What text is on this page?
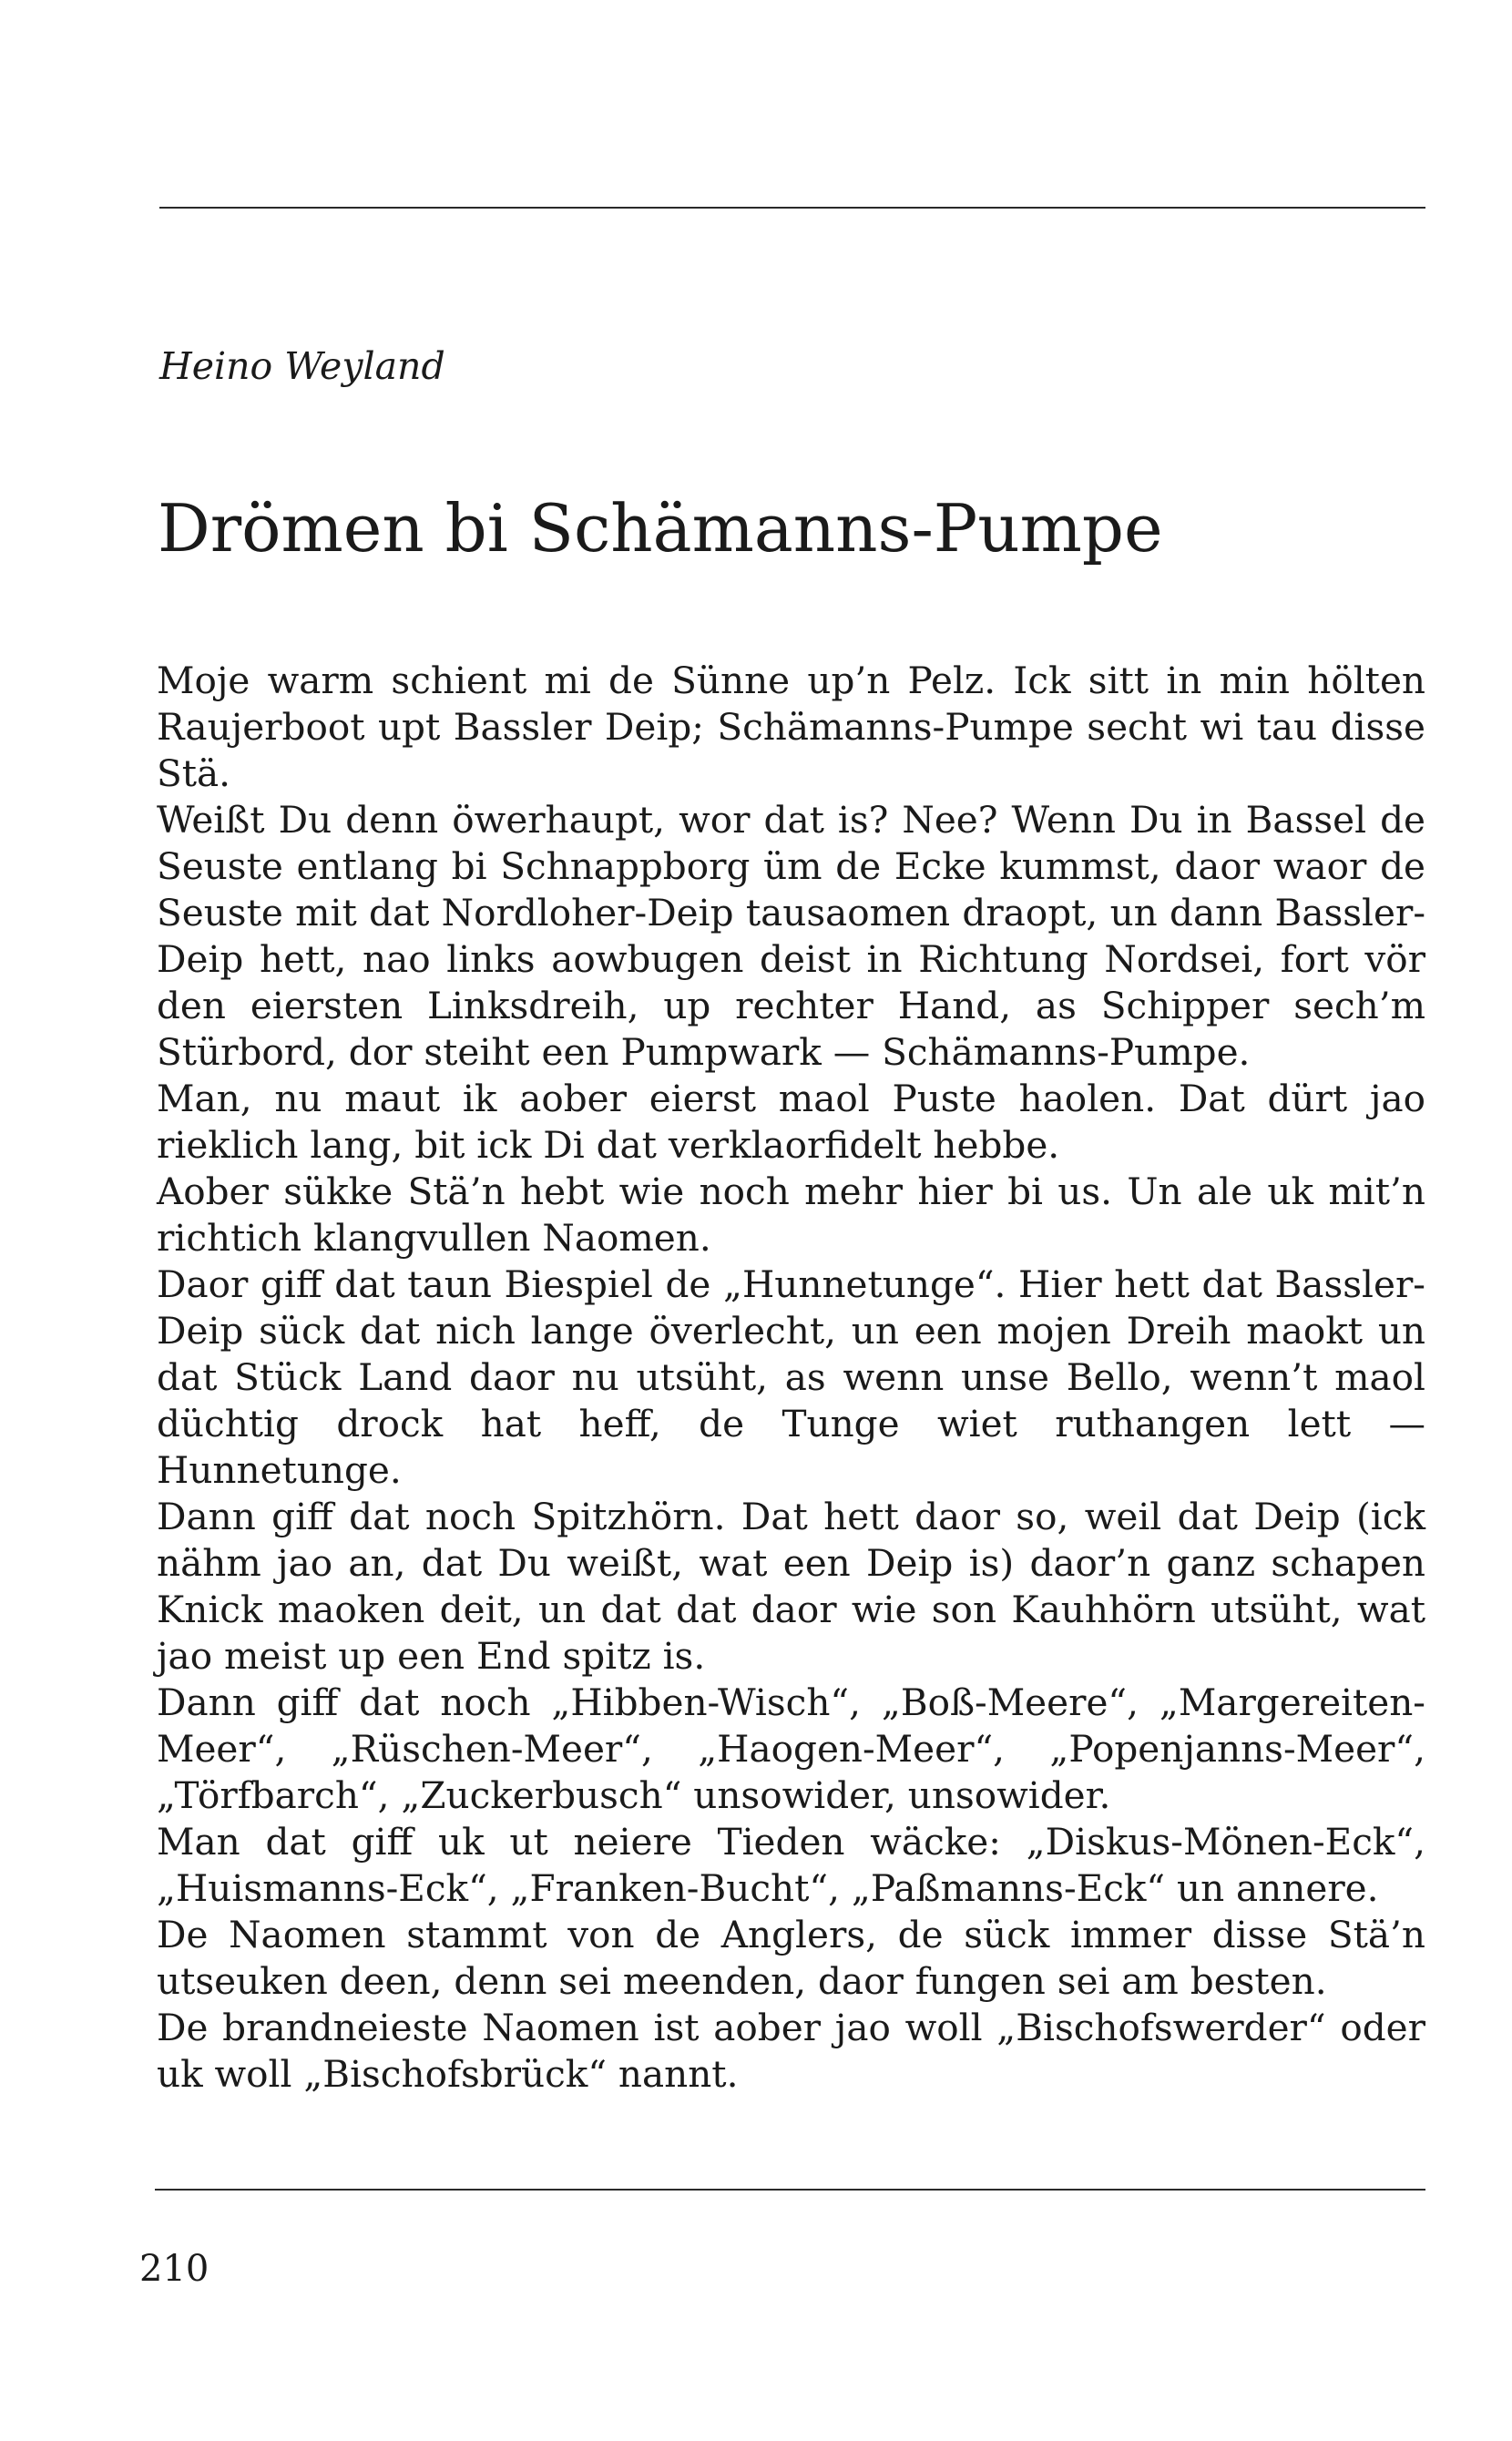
Heino Weyland
Drömen bi Schämanns-Pumpe

Moje warm schient mi de Sünne up’n Pelz. Ick sitt in min hölten Raujerboot upt Bassler Deip; Schämanns-Pumpe secht wi tau disse Stä.

Weißt Du denn öwerhaupt, wor dat is? Nee? Wenn Du in Bassel de Seuste entlang bi Schnappborg üm de Ecke kummst, daor waor de Seuste mit dat Nordloher-Deip tausaomen draopt, un dann Bassler-Deip hett, nao links aowbugen deist in Richtung Nordsei, fort vör den eiersten Linksdreih, up rechter Hand, as Schipper sech’m Stürbord, dor steiht een Pumpwark — Schämanns-Pumpe.

Man, nu maut ik aober eierst maol Puste haolen. Dat dürt jao rieklich lang, bit ick Di dat verklaorfidelt hebbe.

Aober sükke Stä’n hebt wie noch mehr hier bi us. Un ale uk mit’n richtich klangvullen Naomen.

Daor giff dat taun Biespiel de „Hunnetunge“. Hier hett dat Bassler-Deip sück dat nich lange överlecht, un een mojen Dreih maokt un dat Stück Land daor nu utsüht, as wenn unse Bello, wenn’t maol düchtig drock hat heff, de Tunge wiet ruthangen lett — Hunnetunge.

Dann giff dat noch Spitzhörn. Dat hett daor so, weil dat Deip (ick nähm jao an, dat Du weißt, wat een Deip is) daor’n ganz schapen Knick maoken deit, un dat dat daor wie son Kauhhörn utsüht, wat jao meist up een End spitz is.

Dann giff dat noch „Hibben-Wisch“, „Boß-Meere“, „Margereiten-Meer“, „Rüschen-Meer“, „Haogen-Meer“, „Popenjanns-Meer“, „Törfbarch“, „Zuckerbusch“ unsowider, unsowider.

Man dat giff uk ut neiere Tieden wäcke: „Diskus-Mönen-Eck“, „Huismanns-Eck“, „Franken-Bucht“, „Paßmanns-Eck“ un annere.

De Naomen stammt von de Anglers, de sück immer disse Stä’n utseuken deen, denn sei meenden, daor fungen sei am besten.

De brandneieste Naomen ist aober jao woll „Bischofswerder“ oder uk woll „Bischofsbrück“ nannt.

210
